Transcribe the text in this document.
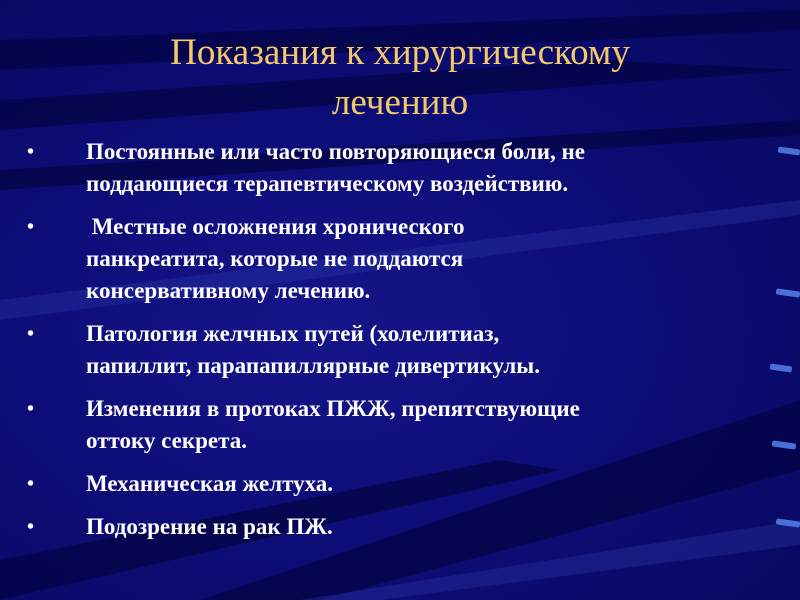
Показания к хирургическому
лечению
• Постоянные или часто повторяющиеся боли, не
поддающиеся терапевтическому воздействию.
• Местные осложнения хронического
панкреатита, которые не поддаются
консервативному лечению.
• Патология желчных путей (холелитиаз,
папиллит, парапапиллярные дивертикулы.
• Изменения в протоках ПЖЖ, препятствующие
оттоку секрета.
• Механическая желтуха.
• Подозрение на рак ПЖ.
